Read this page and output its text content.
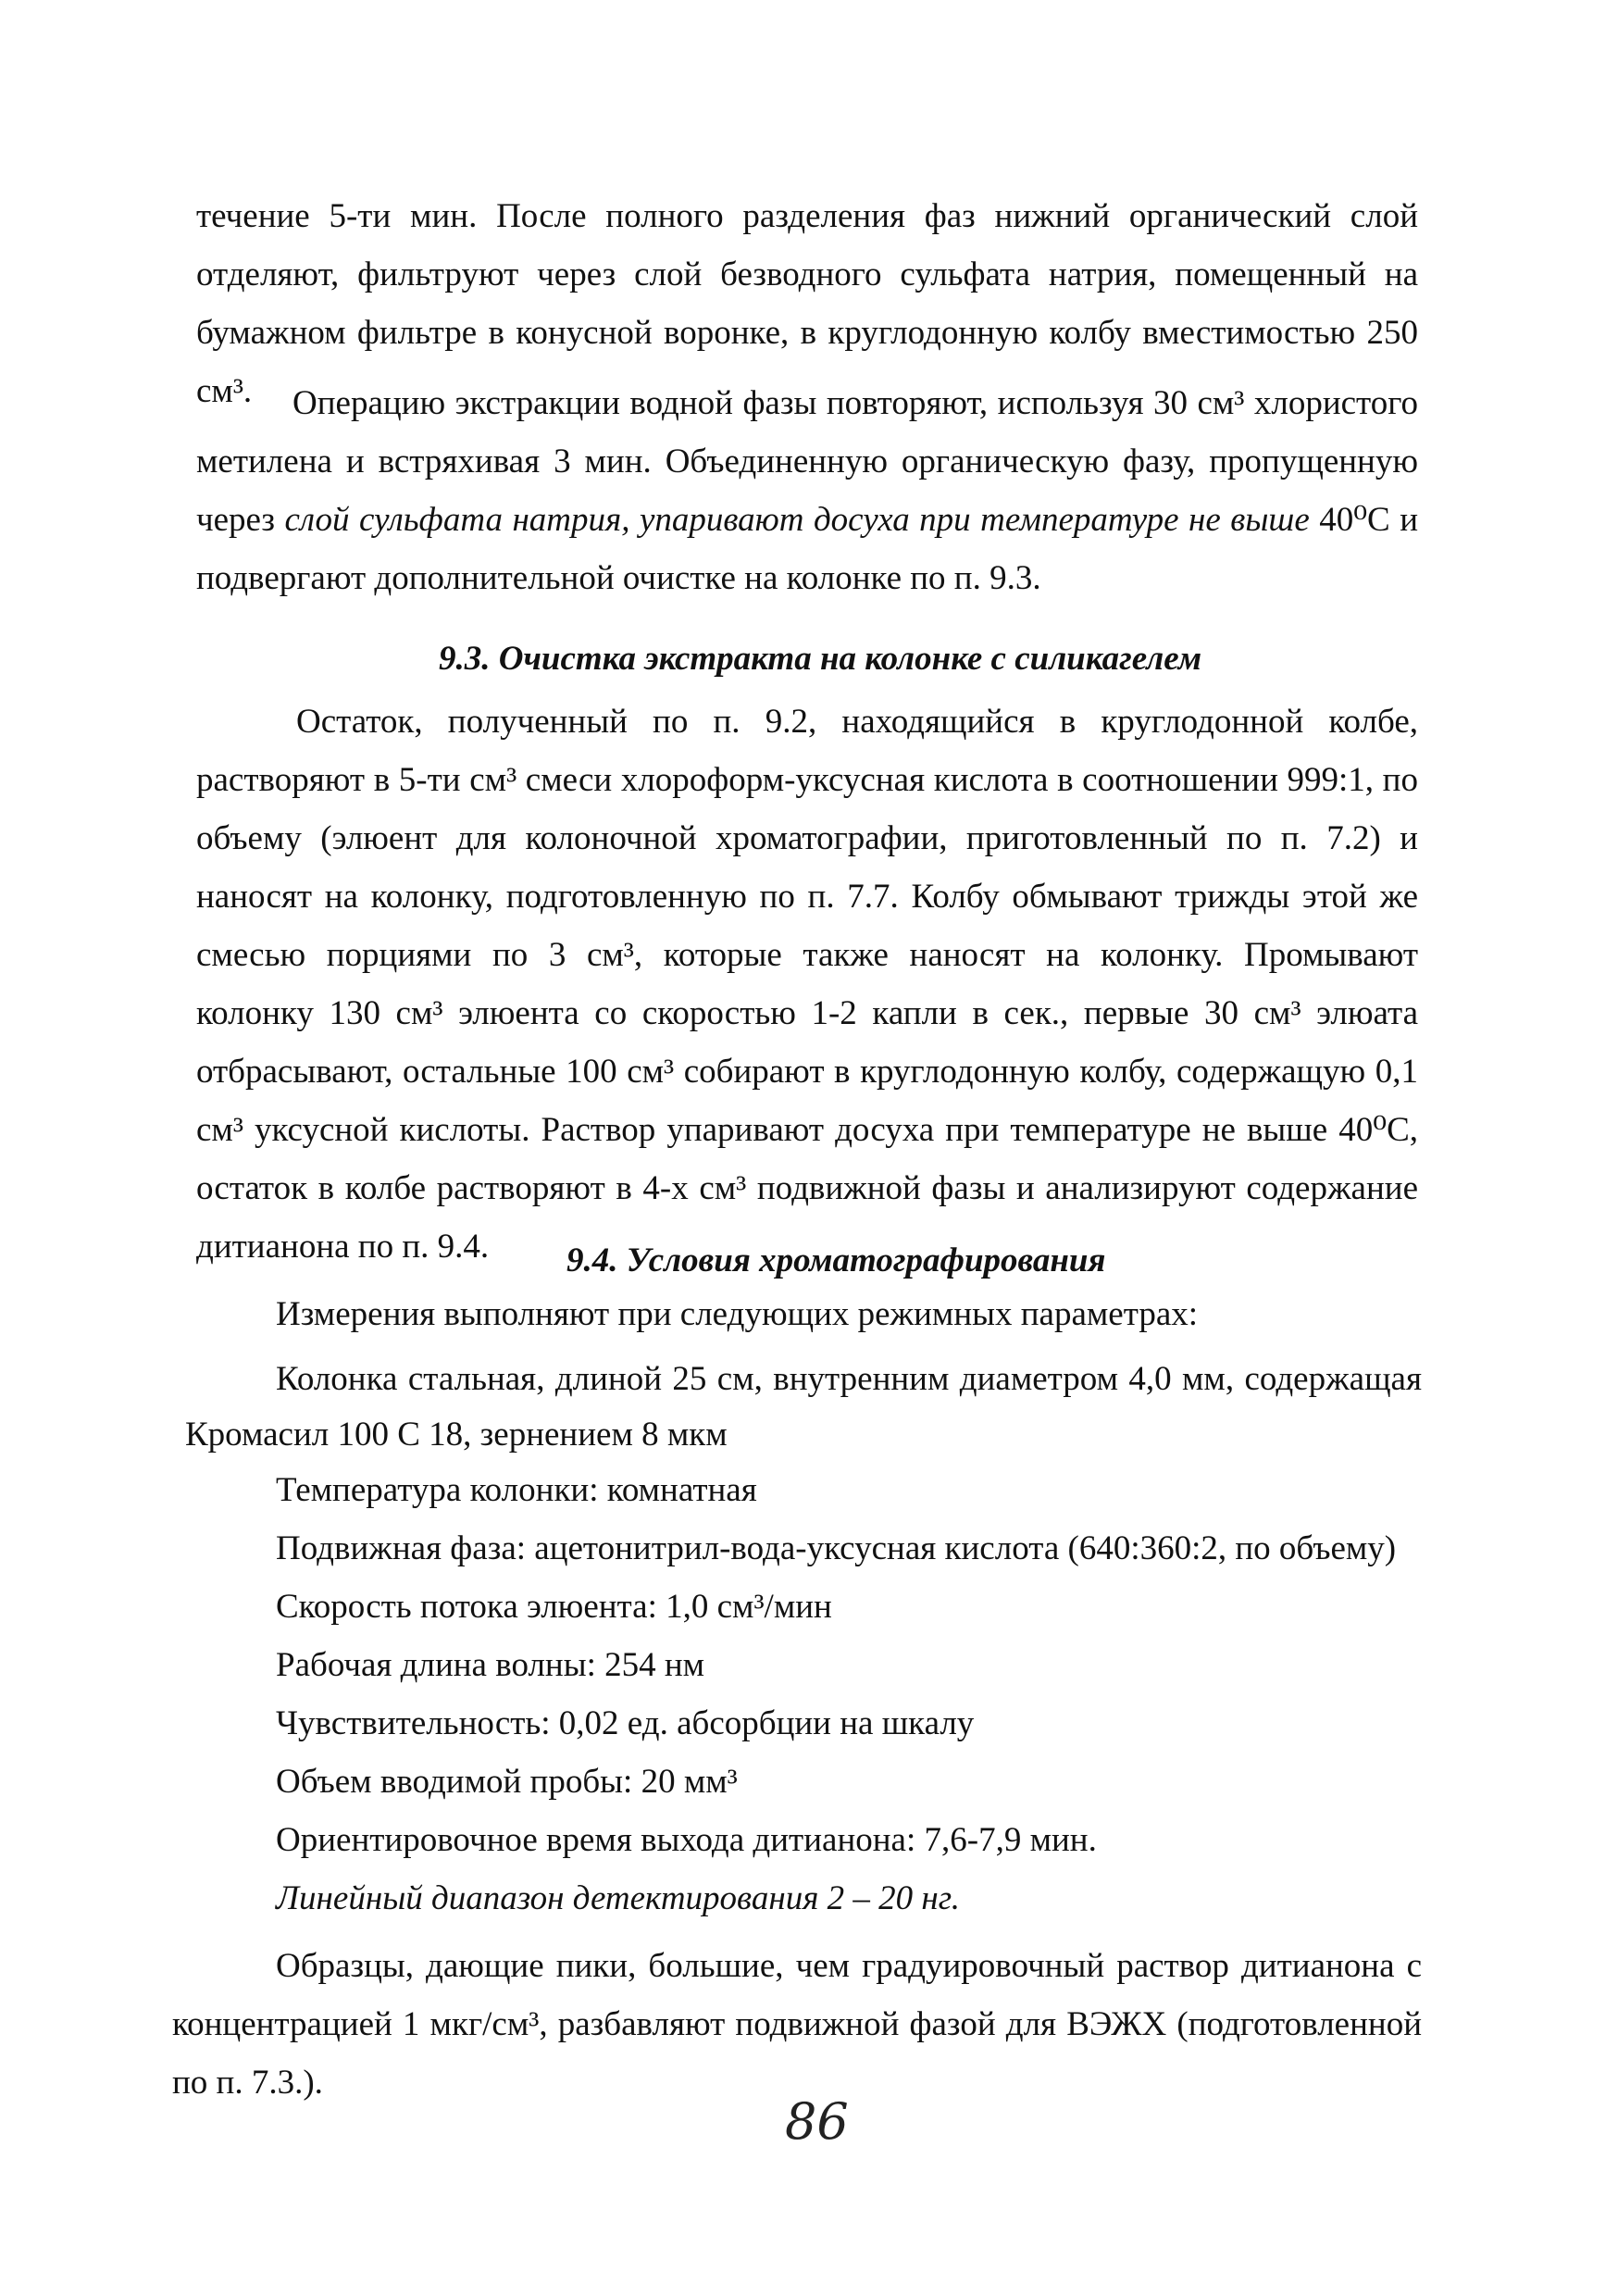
течение 5-ти мин. После полного разделения фаз нижний органический слой отделяют, фильтруют через слой безводного сульфата натрия, помещенный на бумажном фильтре в конусной воронке, в круглодонную колбу вместимостью 250 см³.	Операцию экстракции водной фазы повторяют, используя 30 см³ хлористого метилена и встряхивая 3 мин. Объединенную органическую фазу, пропущенную через слой сульфата натрия, упаривают досуха при температуре не выше 40⁰С и подвергают дополнительной очистке на колонке по п. 9.3.

9.3. Очистка экстракта на колонке с силикагелем

Остаток, полученный по п. 9.2, находящийся в круглодонной колбе, растворяют в 5-ти см³ смеси хлороформ-уксусная кислота в соотношении 999:1, по объему (элюент для колоночной хроматографии, приготовленный по п. 7.2) и наносят на колонку, подготовленную по п. 7.7. Колбу обмывают трижды этой же смесью порциями по 3 см³, которые также наносят на колонку. Промывают колонку 130 см³ элюента со скоростью 1-2 капли в сек., первые 30 см³ элюата отбрасывают, остальные 100 см³ собирают в круглодонную колбу, содержащую 0,1 см³ уксусной кислоты. Раствор упаривают досуха при температуре не выше 40⁰С, остаток в колбе растворяют в 4-х см³ подвижной фазы и анализируют содержание дитианона по п. 9.4.	9.4. Условия хроматографирования

Измерения выполняют при следующих режимных параметрах:

Колонка стальная, длиной 25 см, внутренним диаметром 4,0 мм, содержащая Кромасил 100 С 18, зернением 8 мкм

Температура колонки: комнатная

Подвижная фаза: ацетонитрил-вода-уксусная кислота (640:360:2, по объему)

Скорость потока элюента: 1,0 см³/мин

Рабочая длина волны: 254 нм

Чувствительность: 0,02 ед. абсорбции на шкалу

Объем вводимой пробы: 20 мм³

Ориентировочное время выхода дитианона: 7,6-7,9 мин.

Линейный диапазон детектирования 2 – 20 нг.

Образцы, дающие пики, большие, чем градуировочный раствор дитианона с концентрацией 1 мкг/см³, разбавляют подвижной фазой для ВЭЖХ (подготовленной по п. 7.3.).

86
